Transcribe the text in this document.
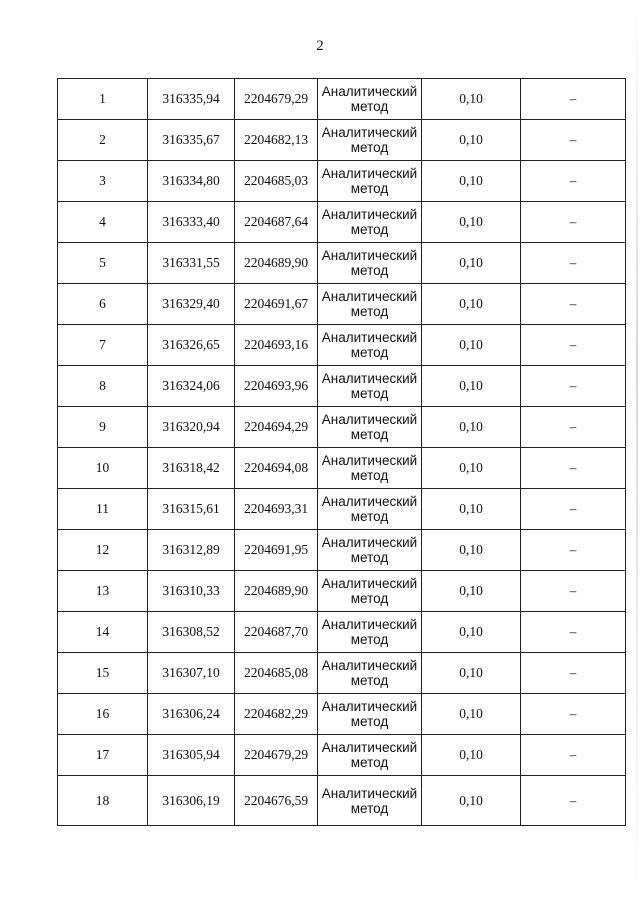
2
1	316335,94	2204679,29	Аналитический
метод	0,10	–
2	316335,67	2204682,13	Аналитический
метод	0,10	–
3	316334,80	2204685,03	Аналитический
метод	0,10	–
4	316333,40	2204687,64	Аналитический
метод	0,10	–
5	316331,55	2204689,90	Аналитический
метод	0,10	–
6	316329,40	2204691,67	Аналитический
метод	0,10	–
7	316326,65	2204693,16	Аналитический
метод	0,10	–
8	316324,06	2204693,96	Аналитический
метод	0,10	–
9	316320,94	2204694,29	Аналитический
метод	0,10	–
10	316318,42	2204694,08	Аналитический
метод	0,10	–
11	316315,61	2204693,31	Аналитический
метод	0,10	–
12	316312,89	2204691,95	Аналитический
метод	0,10	–
13	316310,33	2204689,90	Аналитический
метод	0,10	–
14	316308,52	2204687,70	Аналитический
метод	0,10	–
15	316307,10	2204685,08	Аналитический
метод	0,10	–
16	316306,24	2204682,29	Аналитический
метод	0,10	–
17	316305,94	2204679,29	Аналитический
метод	0,10	–
18	316306,19	2204676,59	Аналитический
метод	0,10	–
